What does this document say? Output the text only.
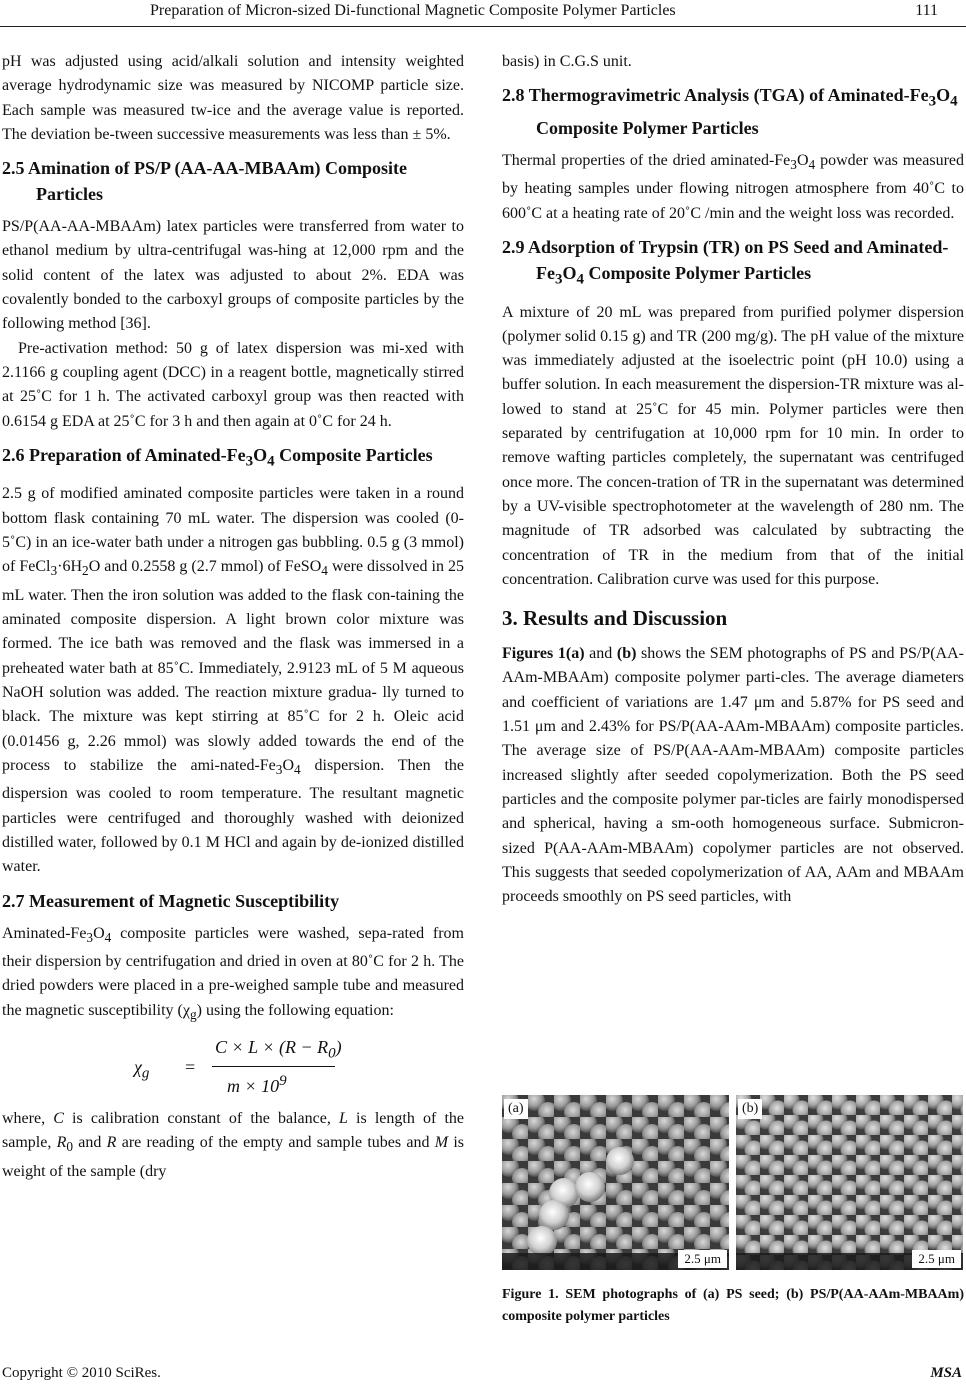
Preparation of Micron-sized Di-functional Magnetic Composite Polymer Particles	111

pH was adjusted using acid/alkali solution and intensity weighted average hydrodynamic size was measured by NICOMP particle size. Each sample was measured tw-ice and the average value is reported. The deviation be-tween successive measurements was less than ± 5%.

2.5 Amination of PS/P (AA-AA-MBAAm) Composite Particles

PS/P(AA-AA-MBAAm) latex particles were transferred from water to ethanol medium by ultra-centrifugal was-hing at 12,000 rpm and the solid content of the latex was adjusted to about 2%. EDA was covalently bonded to the carboxyl groups of composite particles by the following method [36].

Pre-activation method: 50 g of latex dispersion was mi-xed with 2.1166 g coupling agent (DCC) in a reagent bottle, magnetically stirred at 25˚C for 1 h. The activated carboxyl group was then reacted with 0.6154 g EDA at 25˚C for 3 h and then again at 0˚C for 24 h.

2.6 Preparation of Aminated-$Fe_3O_4$ Composite Particles

2.5 g of modified aminated composite particles were taken in a round bottom flask containing 70 mL water. The dispersion was cooled (0-5˚C) in an ice-water bath under a nitrogen gas bubbling. 0.5 g (3 mmol) of $FeCl_3\cdot 6H_2O$ and 0.2558 g (2.7 mmol) of FeSO$_4$ were dissolved in 25 mL water. Then the iron solution was added to the flask con-taining the aminated composite dispersion. A light brown color mixture was formed. The ice bath was removed and the flask was immersed in a preheated water bath at 85˚C. Immediately, 2.9123 mL of 5 M aqueous NaOH solution was added. The reaction mixture gradua- lly turned to black. The mixture was kept stirring at 85˚C for 2 h. Oleic acid (0.01456 g, 2.26 mmol) was slowly added towards the end of the process to stabilize the ami-$nated-Fe_3O_4$ dispersion. Then the dispersion was cooled to room temperature. The resultant magnetic particles were centrifuged and thoroughly washed with deionized distilled water, followed by 0.1 M HCl and again by de-ionized distilled water.

2.7 Measurement of Magnetic Susceptibility

Aminated-$Fe_3O_4$ composite particles were washed, sepa-rated from their dispersion by centrifugation and dried in oven at 80˚C for 2 h. The dried powders were placed in a pre-weighed sample tube and measured the magnetic susceptibility $(\chi_g)$ using the following equation:

$\chi_g$ =
$C \times L \times (R - R_0)$
$m \times 10^9$

where, C is calibration constant of the balance, L is length of the sample, $R_0$ and R are reading of the empty and sample tubes and M is weight of the sample (dry

basis) in C.G.S unit.

2.8 Thermogravimetric Analysis (TGA) of Aminated-$Fe_3O_4$ Composite Polymer Particles

Thermal properties of the dried aminated-$Fe_3O_4$ powder was measured by heating samples under flowing nitrogen atmosphere from 40˚C to 600˚C at a heating rate of 20˚C /min and the weight loss was recorded.

2.9 Adsorption of Trypsin (TR) on PS Seed and Aminated-$Fe_3O_4$ Composite Polymer Particles

A mixture of 20 mL was prepared from purified polymer dispersion (polymer solid 0.15 g) and TR (200 mg/g). The pH value of the mixture was immediately adjusted at the isoelectric point (pH 10.0) using a buffer solution. In each measurement the dispersion-TR mixture was al-lowed to stand at 25˚C for 45 min. Polymer particles were then separated by centrifugation at 10,000 rpm for 10 min. In order to remove wafting particles completely, the supernatant was centrifuged once more. The concen-tration of TR in the supernatant was determined by a UV-visible spectrophotometer at the wavelength of 280 nm. The magnitude of TR adsorbed was calculated by subtracting the concentration of TR in the medium from that of the initial concentration. Calibration curve was used for this purpose.

3. Results and Discussion

Figures 1(a) and (b) shows the SEM photographs of PS and PS/P(AA-AAm-MBAAm) composite polymer parti-cles. The average diameters and coefficient of variations are 1.47 μm and 5.87% for PS seed and 1.51 μm and 2.43% for PS/P(AA-AAm-MBAAm) composite particles. The average size of PS/P(AA-AAm-MBAAm) composite particles increased slightly after seeded copolymerization. Both the PS seed particles and the composite polymer par-ticles are fairly monodispersed and spherical, having a sm-ooth homogeneous surface. Submicron-sized P(AA-AAm-MBAAm) copolymer particles are not observed. This suggests that seeded copolymerization of AA, AAm and MBAAm proceeds smoothly on PS seed particles, with

(a)
2.5 μm
(b)
2.5 μm
Figure 1. SEM photographs of (a) PS seed; (b) PS/P(AA-AAm-MBAAm) composite polymer particles
Copyright © 2010 SciRes.	MSA
